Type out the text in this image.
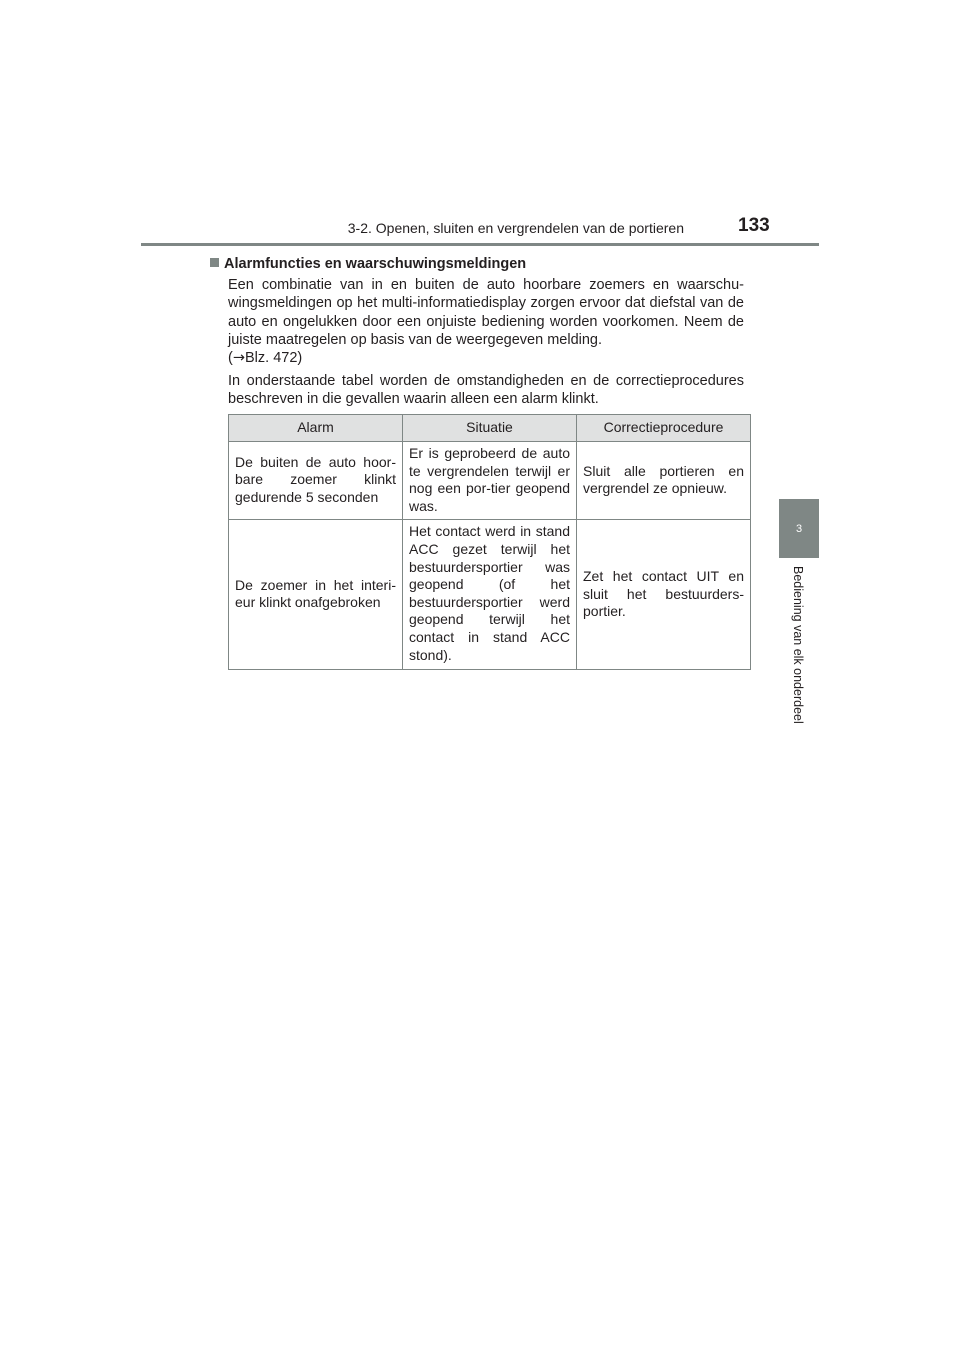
3-2. Openen, sluiten en vergrendelen van de portieren	133
3
Bediening van elk onderdeel
Alarmfuncties en waarschuwingsmeldingen
Een combinatie van in en buiten de auto hoorbare zoemers en waarschu-wingsmeldingen op het multi-informatiedisplay zorgen ervoor dat diefstal van de auto en ongelukken door een onjuiste bediening worden voorkomen. Neem de juiste maatregelen op basis van de weergegeven melding.
(→Blz. 472)
In onderstaande tabel worden de omstandigheden en de correctieprocedures beschreven in die gevallen waarin alleen een alarm klinkt.
Alarm	Situatie	Correctieprocedure
De buiten de auto hoor-bare zoemer klinkt gedurende 5 seconden	Er is geprobeerd de auto te vergrendelen terwijl er nog een por-tier geopend was.	Sluit alle portieren en vergrendel ze opnieuw.
De zoemer in het interi-eur klinkt onafgebroken	Het contact werd in stand ACC gezet terwijl het bestuurdersportier was geopend (of het bestuurdersportier werd geopend terwijl het contact in stand ACC stond).	Zet het contact UIT en sluit het bestuurders-portier.
